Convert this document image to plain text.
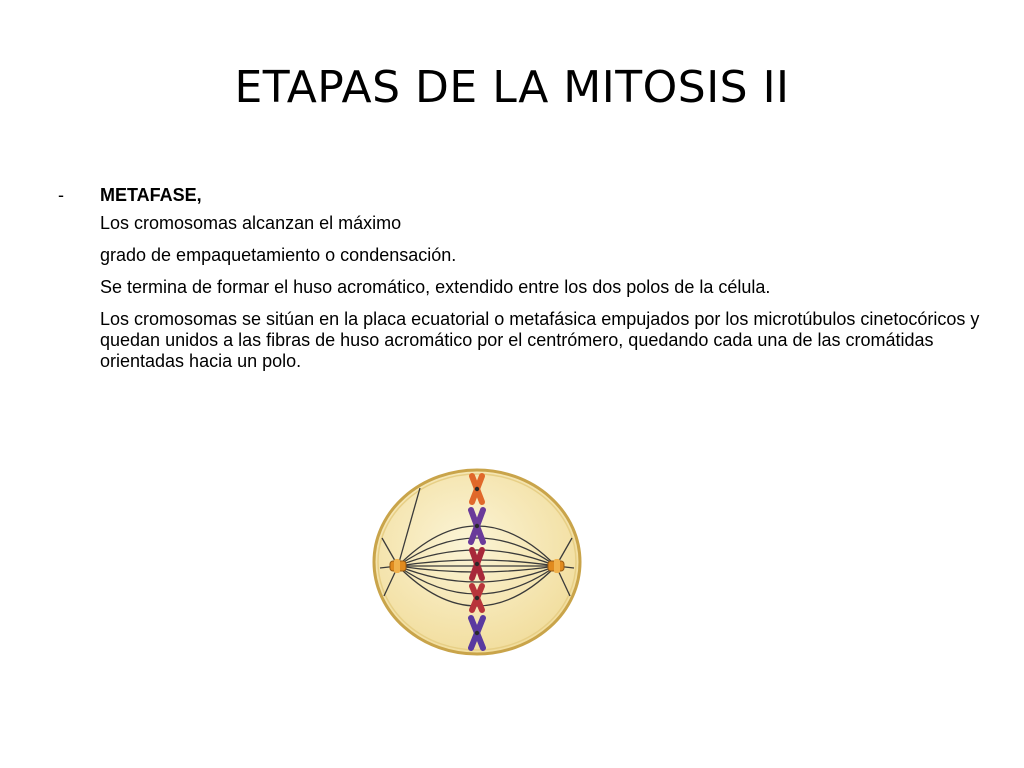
ETAPAS DE LA MITOSIS II
-	METAFASE,
Los cromosomas alcanzan el máximo
grado de empaquetamiento o condensación.
Se termina de formar el huso acromático, extendido entre los dos polos de la célula.
Los cromosomas se sitúan en la placa ecuatorial o metafásica empujados por los microtúbulos cinetocóricos y quedan unidos a las fibras de huso acromático por el centrómero, quedando cada una de las cromátidas orientadas hacia un polo.
